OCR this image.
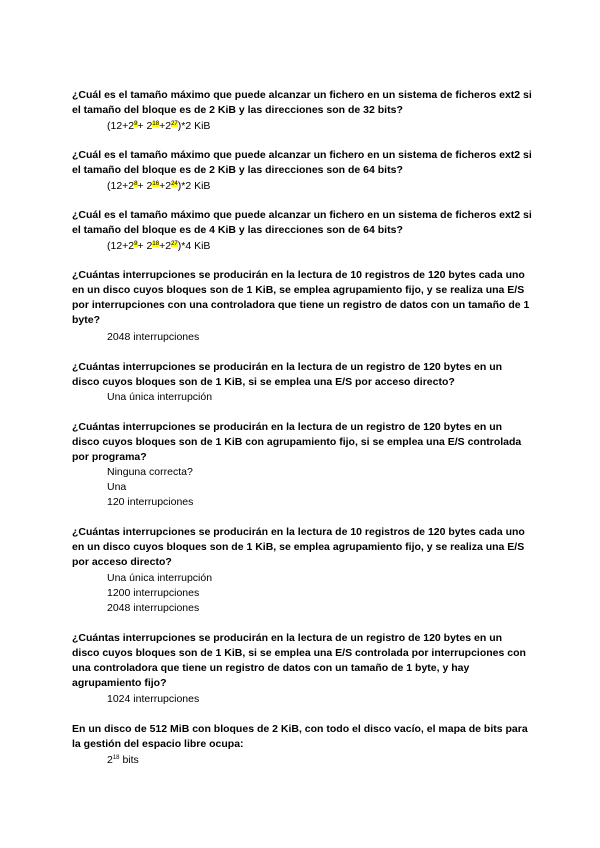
¿Cuál es el tamaño máximo que puede alcanzar un fichero en un sistema de ficheros ext2 si el tamaño del bloque es de 2 KiB y las direcciones son de 32 bits?
$(12+2^9+ 2^{18}+2^{27})*2$ KiB
¿Cuál es el tamaño máximo que puede alcanzar un fichero en un sistema de ficheros ext2 si el tamaño del bloque es de 2 KiB y las direcciones son de 64 bits?
$(12+2^8+ 2^{16}+2^{24})*2$ KiB
¿Cuál es el tamaño máximo que puede alcanzar un fichero en un sistema de ficheros ext2 si el tamaño del bloque es de 4 KiB y las direcciones son de 64 bits?
$(12+2^9+ 2^{18}+2^{27})*4$ KiB
¿Cuántas interrupciones se producirán en la lectura de 10 registros de 120 bytes cada uno en un disco cuyos bloques son de 1 KiB, se emplea agrupamiento fijo, y se realiza una E/S por interrupciones con una controladora que tiene un registro de datos con un tamaño de 1 byte?
2048 interrupciones
¿Cuántas interrupciones se producirán en la lectura de un registro de 120 bytes en un disco cuyos bloques son de 1 KiB, si se emplea una E/S por acceso directo?
Una única interrupción
¿Cuántas interrupciones se producirán en la lectura de un registro de 120 bytes en un disco cuyos bloques son de 1 KiB con agrupamiento fijo, si se emplea una E/S controlada por programa?
Ninguna correcta?
Una
120 interrupciones
¿Cuántas interrupciones se producirán en la lectura de 10 registros de 120 bytes cada uno en un disco cuyos bloques son de 1 KiB, se emplea agrupamiento fijo, y se realiza una E/S por acceso directo?
Una única interrupción
1200 interrupciones
2048 interrupciones
¿Cuántas interrupciones se producirán en la lectura de un registro de 120 bytes en un disco cuyos bloques son de 1 KiB, si se emplea una E/S controlada por interrupciones con una controladora que tiene un registro de datos con un tamaño de 1 byte, y hay agrupamiento fijo?
1024 interrupciones
En un disco de 512 MiB con bloques de 2 KiB, con todo el disco vacío, el mapa de bits para la gestión del espacio libre ocupa:
$2^{18}$ bits
